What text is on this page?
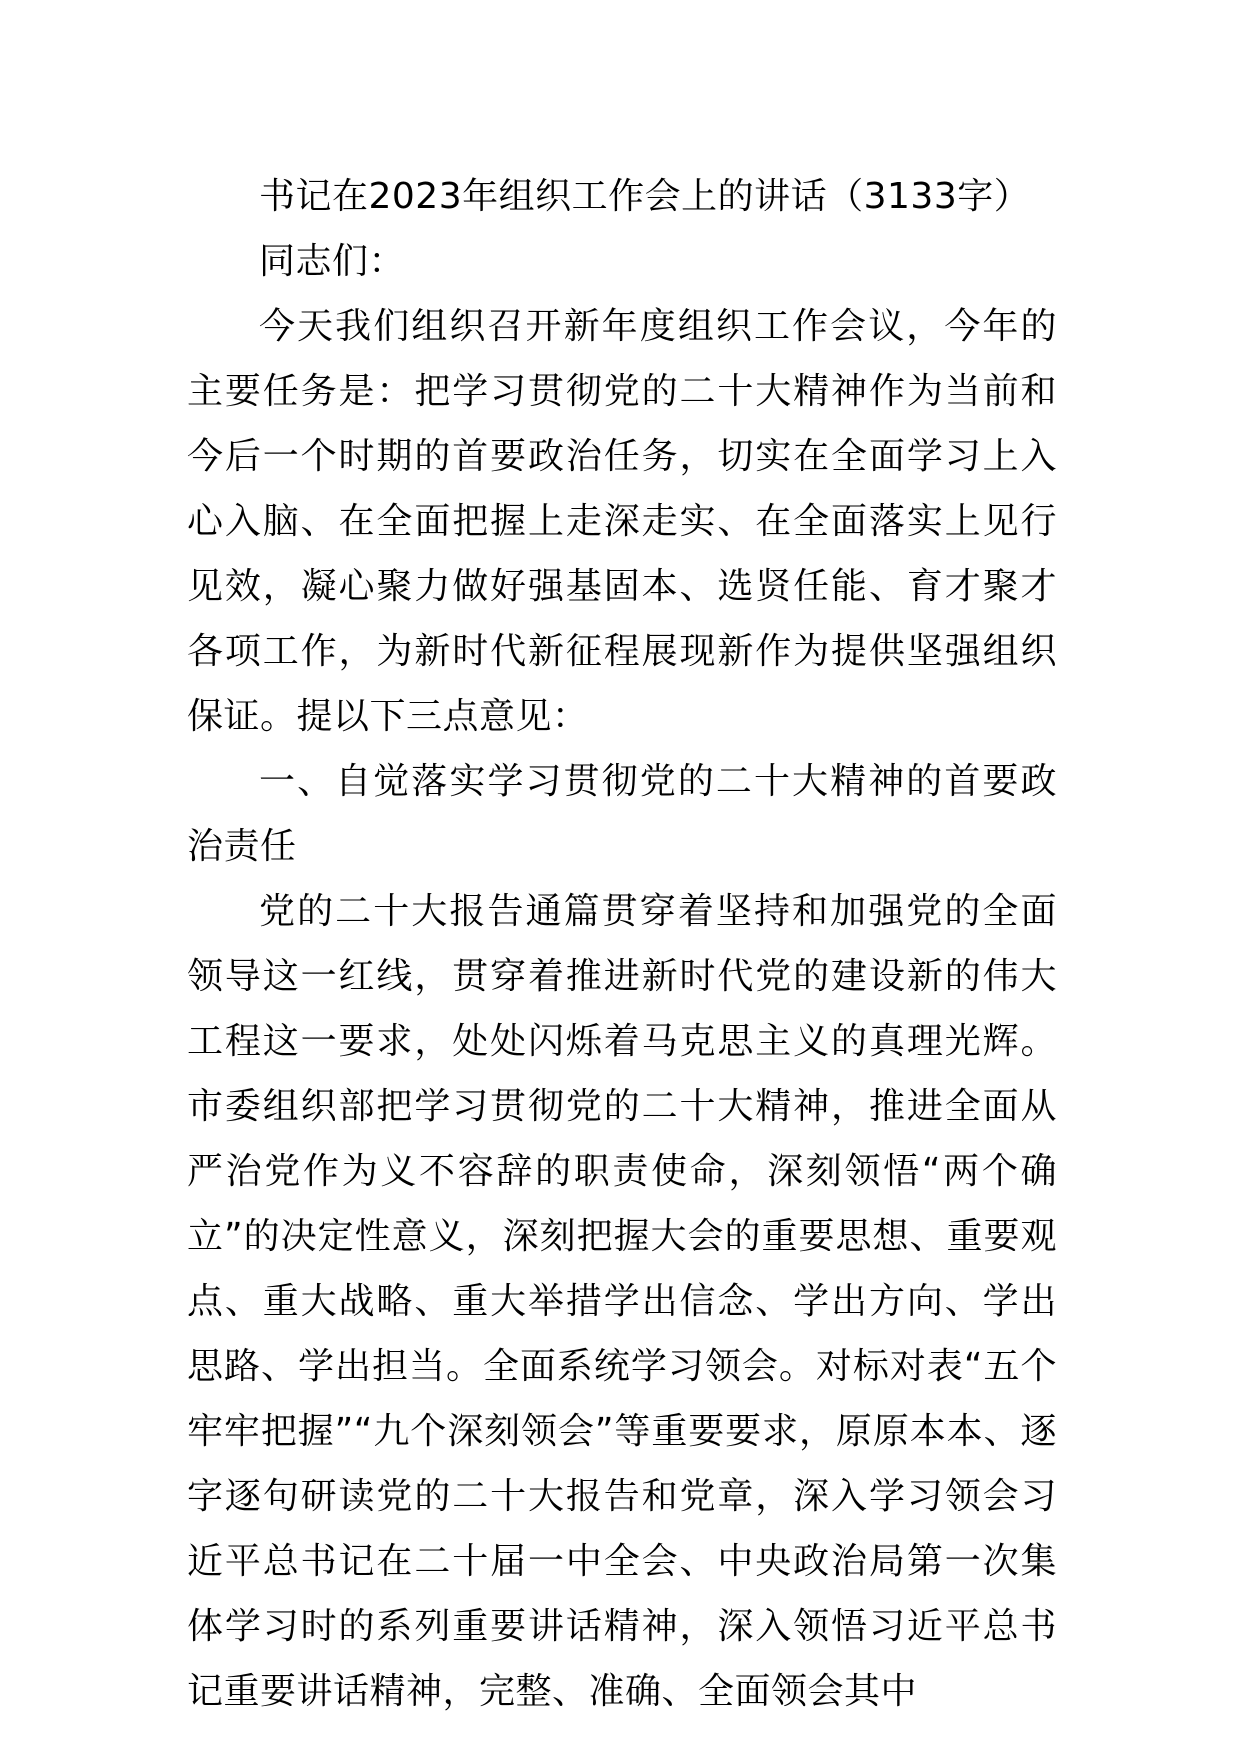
书记在2023年组织工作会上的讲话（3133字）

同志们：

今天我们组织召开新年度组织工作会议，今年的主要任务是：把学习贯彻党的二十大精神作为当前和今后一个时期的首要政治任务，切实在全面学习上入心入脑、在全面把握上走深走实、在全面落实上见行见效，凝心聚力做好强基固本、选贤任能、育才聚才各项工作，为新时代新征程展现新作为提供坚强组织保证。提以下三点意见：

一、自觉落实学习贯彻党的二十大精神的首要政治责任

党的二十大报告通篇贯穿着坚持和加强党的全面领导这一红线，贯穿着推进新时代党的建设新的伟大工程这一要求，处处闪烁着马克思主义的真理光辉。市委组织部把学习贯彻党的二十大精神，推进全面从严治党作为义不容辞的职责使命，深刻领悟“两个确立”的决定性意义，深刻把握大会的重要思想、重要观点、重大战略、重大举措学出信念、学出方向、学出思路、学出担当。全面系统学习领会。对标对表“五个牢牢把握”“九个深刻领会”等重要要求，原原本本、逐字逐句研读党的二十大报告和党章，深入学习领会习近平总书记在二十届一中全会、中央政治局第一次集体学习时的系列重要讲话精神，深入领悟习近平总书记重要讲话精神，完整、准确、全面领会其中
